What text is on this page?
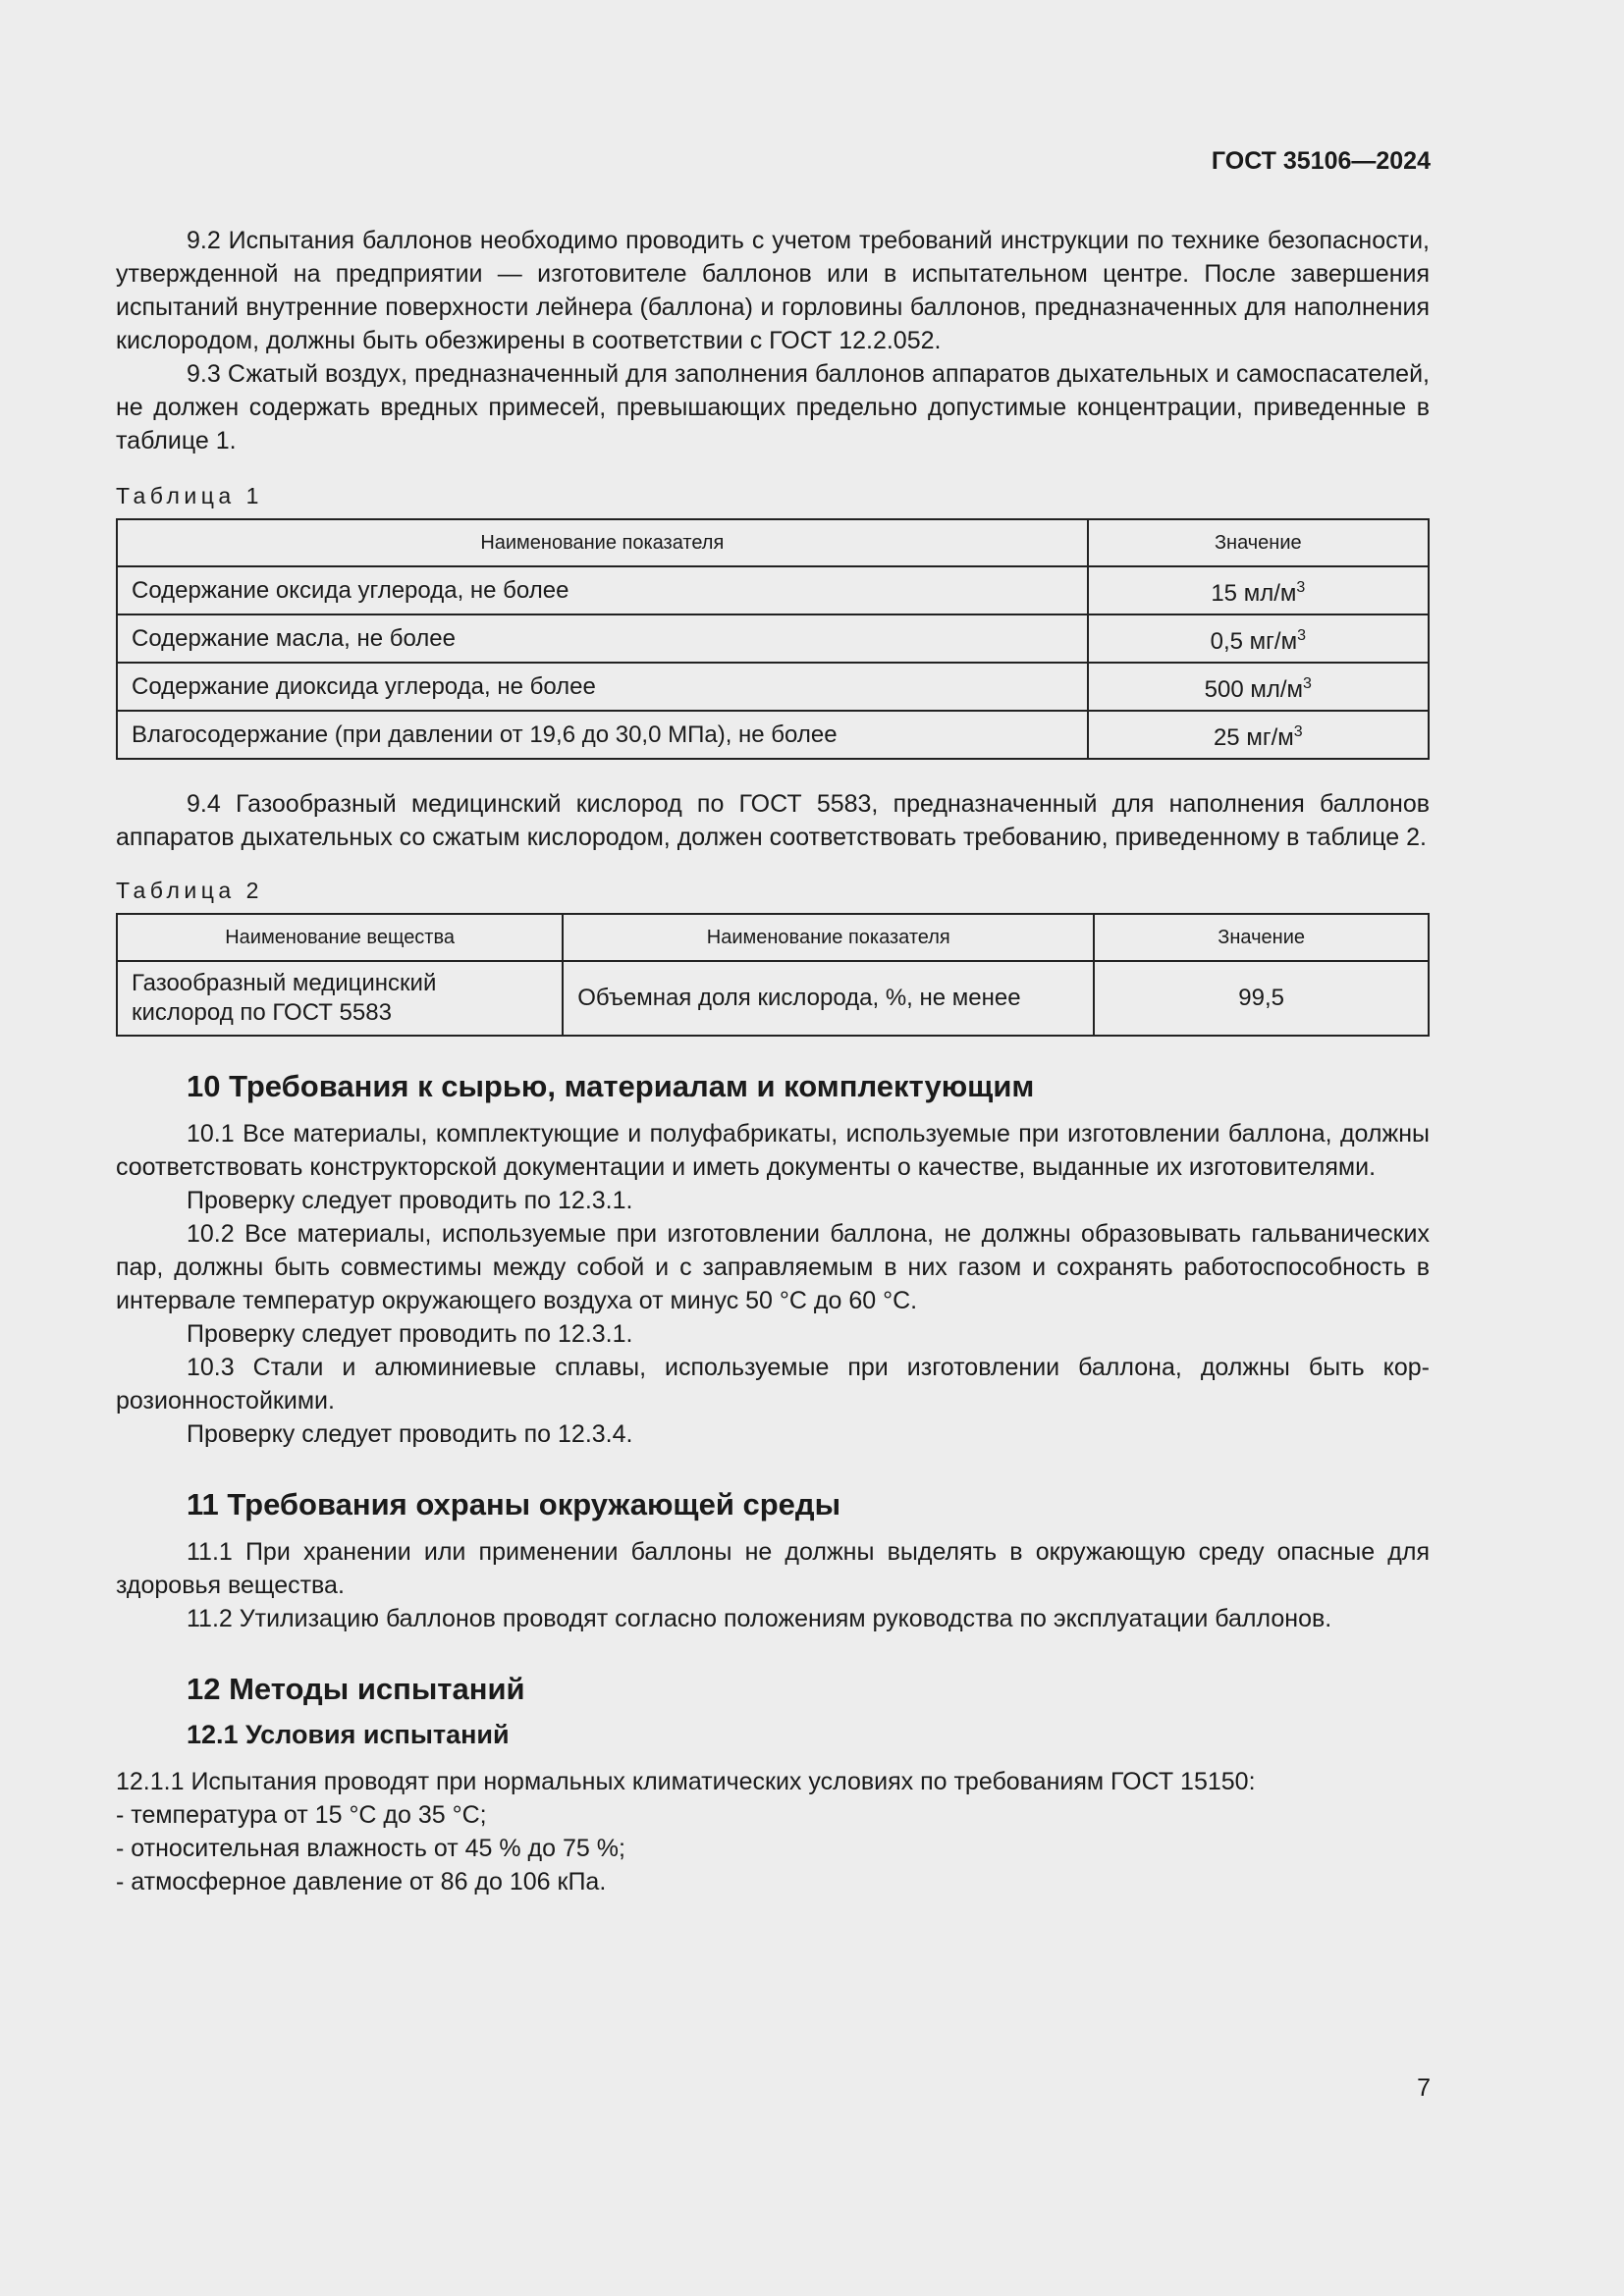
ГОСТ 35106—2024

9.2 Испытания баллонов необходимо проводить с учетом требований инструкции по технике безопасности, утвержденной на предприятии — изготовителе баллонов или в испытательном центре. После завершения испытаний внутренние поверхности лейнера (баллона) и горловины баллонов, предназначенных для наполнения кислородом, должны быть обезжирены в соответствии с ГОСТ 12.2.052.

9.3 Сжатый воздух, предназначенный для заполнения баллонов аппаратов дыхательных и самоспасателей, не должен содержать вредных примесей, превышающих предельно допустимые концентрации, приведенные в таблице 1.

Таблица 1

Наименование показателя	Значение
Содержание оксида углерода, не более	15 $мл/м^3$
Содержание масла, не более	0,5 $мг/м^3$
Содержание диоксида углерода, не более	500 $мл/м^3$
Влагосодержание (при давлении от 19,6 до 30,0 МПа), не более	25 $мг/м^3$

9.4 Газообразный медицинский кислород по ГОСТ 5583, предназначенный для наполнения баллонов аппаратов дыхательных со сжатым кислородом, должен соответствовать требованию, приведенному в таблице 2.

Таблица 2

Наименование вещества	Наименование показателя	Значение

Газообразный медицинский
кислород по ГОСТ 5583	Объемная доля кислорода, %, не менее	99,5

10 Требования к сырью, материалам и комплектующим

10.1 Все материалы, комплектующие и полуфабрикаты, используемые при изготовлении баллона, должны соответствовать конструкторской документации и иметь документы о качестве, выданные их изготовителями.

Проверку следует проводить по 12.3.1.

10.2 Все материалы, используемые при изготовлении баллона, не должны образовывать гальванических пар, должны быть совместимы между собой и с заправляемым в них газом и сохранять работоспособность в интервале температур окружающего воздуха от минус 50 °С до 60 °С.

Проверку следует проводить по 12.3.1.

10.3 Стали и алюминиевые сплавы, используемые при изготовлении баллона, должны быть коррозионностойкими.

Проверку следует проводить по 12.3.4.

11 Требования охраны окружающей среды

11.1 При хранении или применении баллоны не должны выделять в окружающую среду опасные для здоровья вещества.

11.2 Утилизацию баллонов проводят согласно положениям руководства по эксплуатации баллонов.

12 Методы испытаний

12.1 Условия испытаний

12.1.1 Испытания проводят при нормальных климатических условиях по требованиям ГОСТ 15150:

- температура от 15 °С до 35 °С;

- относительная влажность от 45 % до 75 %;

- атмосферное давление от 86 до 106 кПа.

7
